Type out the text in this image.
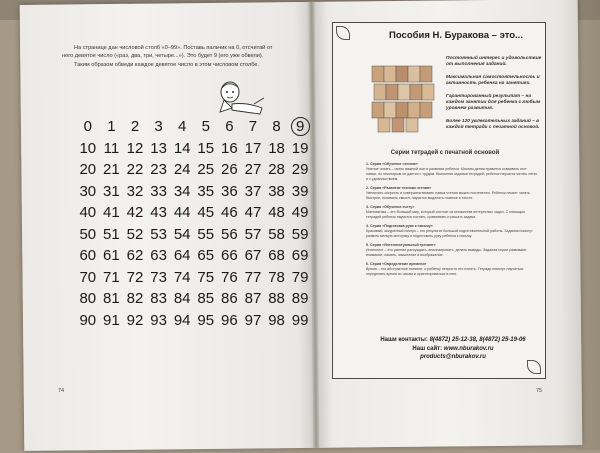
На странице дан числовой столб «0–99». Поставь пальчик на 0, отсчитай от него девятое число («раз, два, три, четыре...»). Это будет 9 (его уже обвели).

Таким образом обведи каждое девятое число в этом числовом столбе.

0	1	2	3	4	5	6	7	8	9
10 11 12 13 14 15 16 17 18 19
20 21 22 23 24 25 26 27 28 29
30 31 32 33 34 35 36 37 38 39
40 41 42 43 44 45 46 47 48 49
50 51 52 53 54 55 56 57 58 59
60 61 62 63 64 65 66 67 68 69
70 71 72 73 74 75 76 77 78 79
80 81 82 83 84 85 86 87 88 89
90 91 92 93 94 95 96 97 98 99
74
Пособия Н. Буракова – это...

Постоянный интерес и удовольствие от выполнения заданий.

Максимальная самостоятельность и активность ребенка на занятиях.

Гарантированный результат – на каждом занятии для ребенка с любым уровнем развития.

Более 120 увлекательных заданий – в каждой тетради с печатной основой.

Серии тетрадей с печатной основой
1. Серия «Обучение чтению»
Умение читать – очень важный шаг в развитии ребенка. Многим детям нравится осваивать этот навык, но некоторым он дается с трудом. Выполняя задания тетрадей, ребенок научится читать легко и с удовольствием.
2. Серия «Развитие техники чтения»
Увеличить скорость и совершенствовать навык чтения можно постепенно. Ребенок начнет читать быстрее, понимать смысл, научится выделять главное в тексте.
3. Серия «Обучение счету»
Математика – это большой мир, который состоит из множества интересных задач. С помощью тетрадей ребенок научится считать, сравнивать и решать задачи.
4. Серия «Подготовка руки к письму»
Красивый, аккуратный почерк – это результат большой подготовительной работы. Задания помогут развить мелкую моторику и подготовить руку ребенка к письму.
5. Серия «Интеллектуальный тренинг»
Интеллект – это умение рассуждать, анализировать, делать выводы. Задания серии развивают внимание, память, мышление и воображение.
6. Серия «Определение времени»
Время – это абстрактное понятие, и ребенку непросто его понять. Тетради помогут научиться определять время по часам и ориентироваться в нем.
Наши контакты: 8(4872) 25-12-38, 8(4872) 25-19-06
Наш сайт: www.nburakov.ru
products@nburakov.ru
75
